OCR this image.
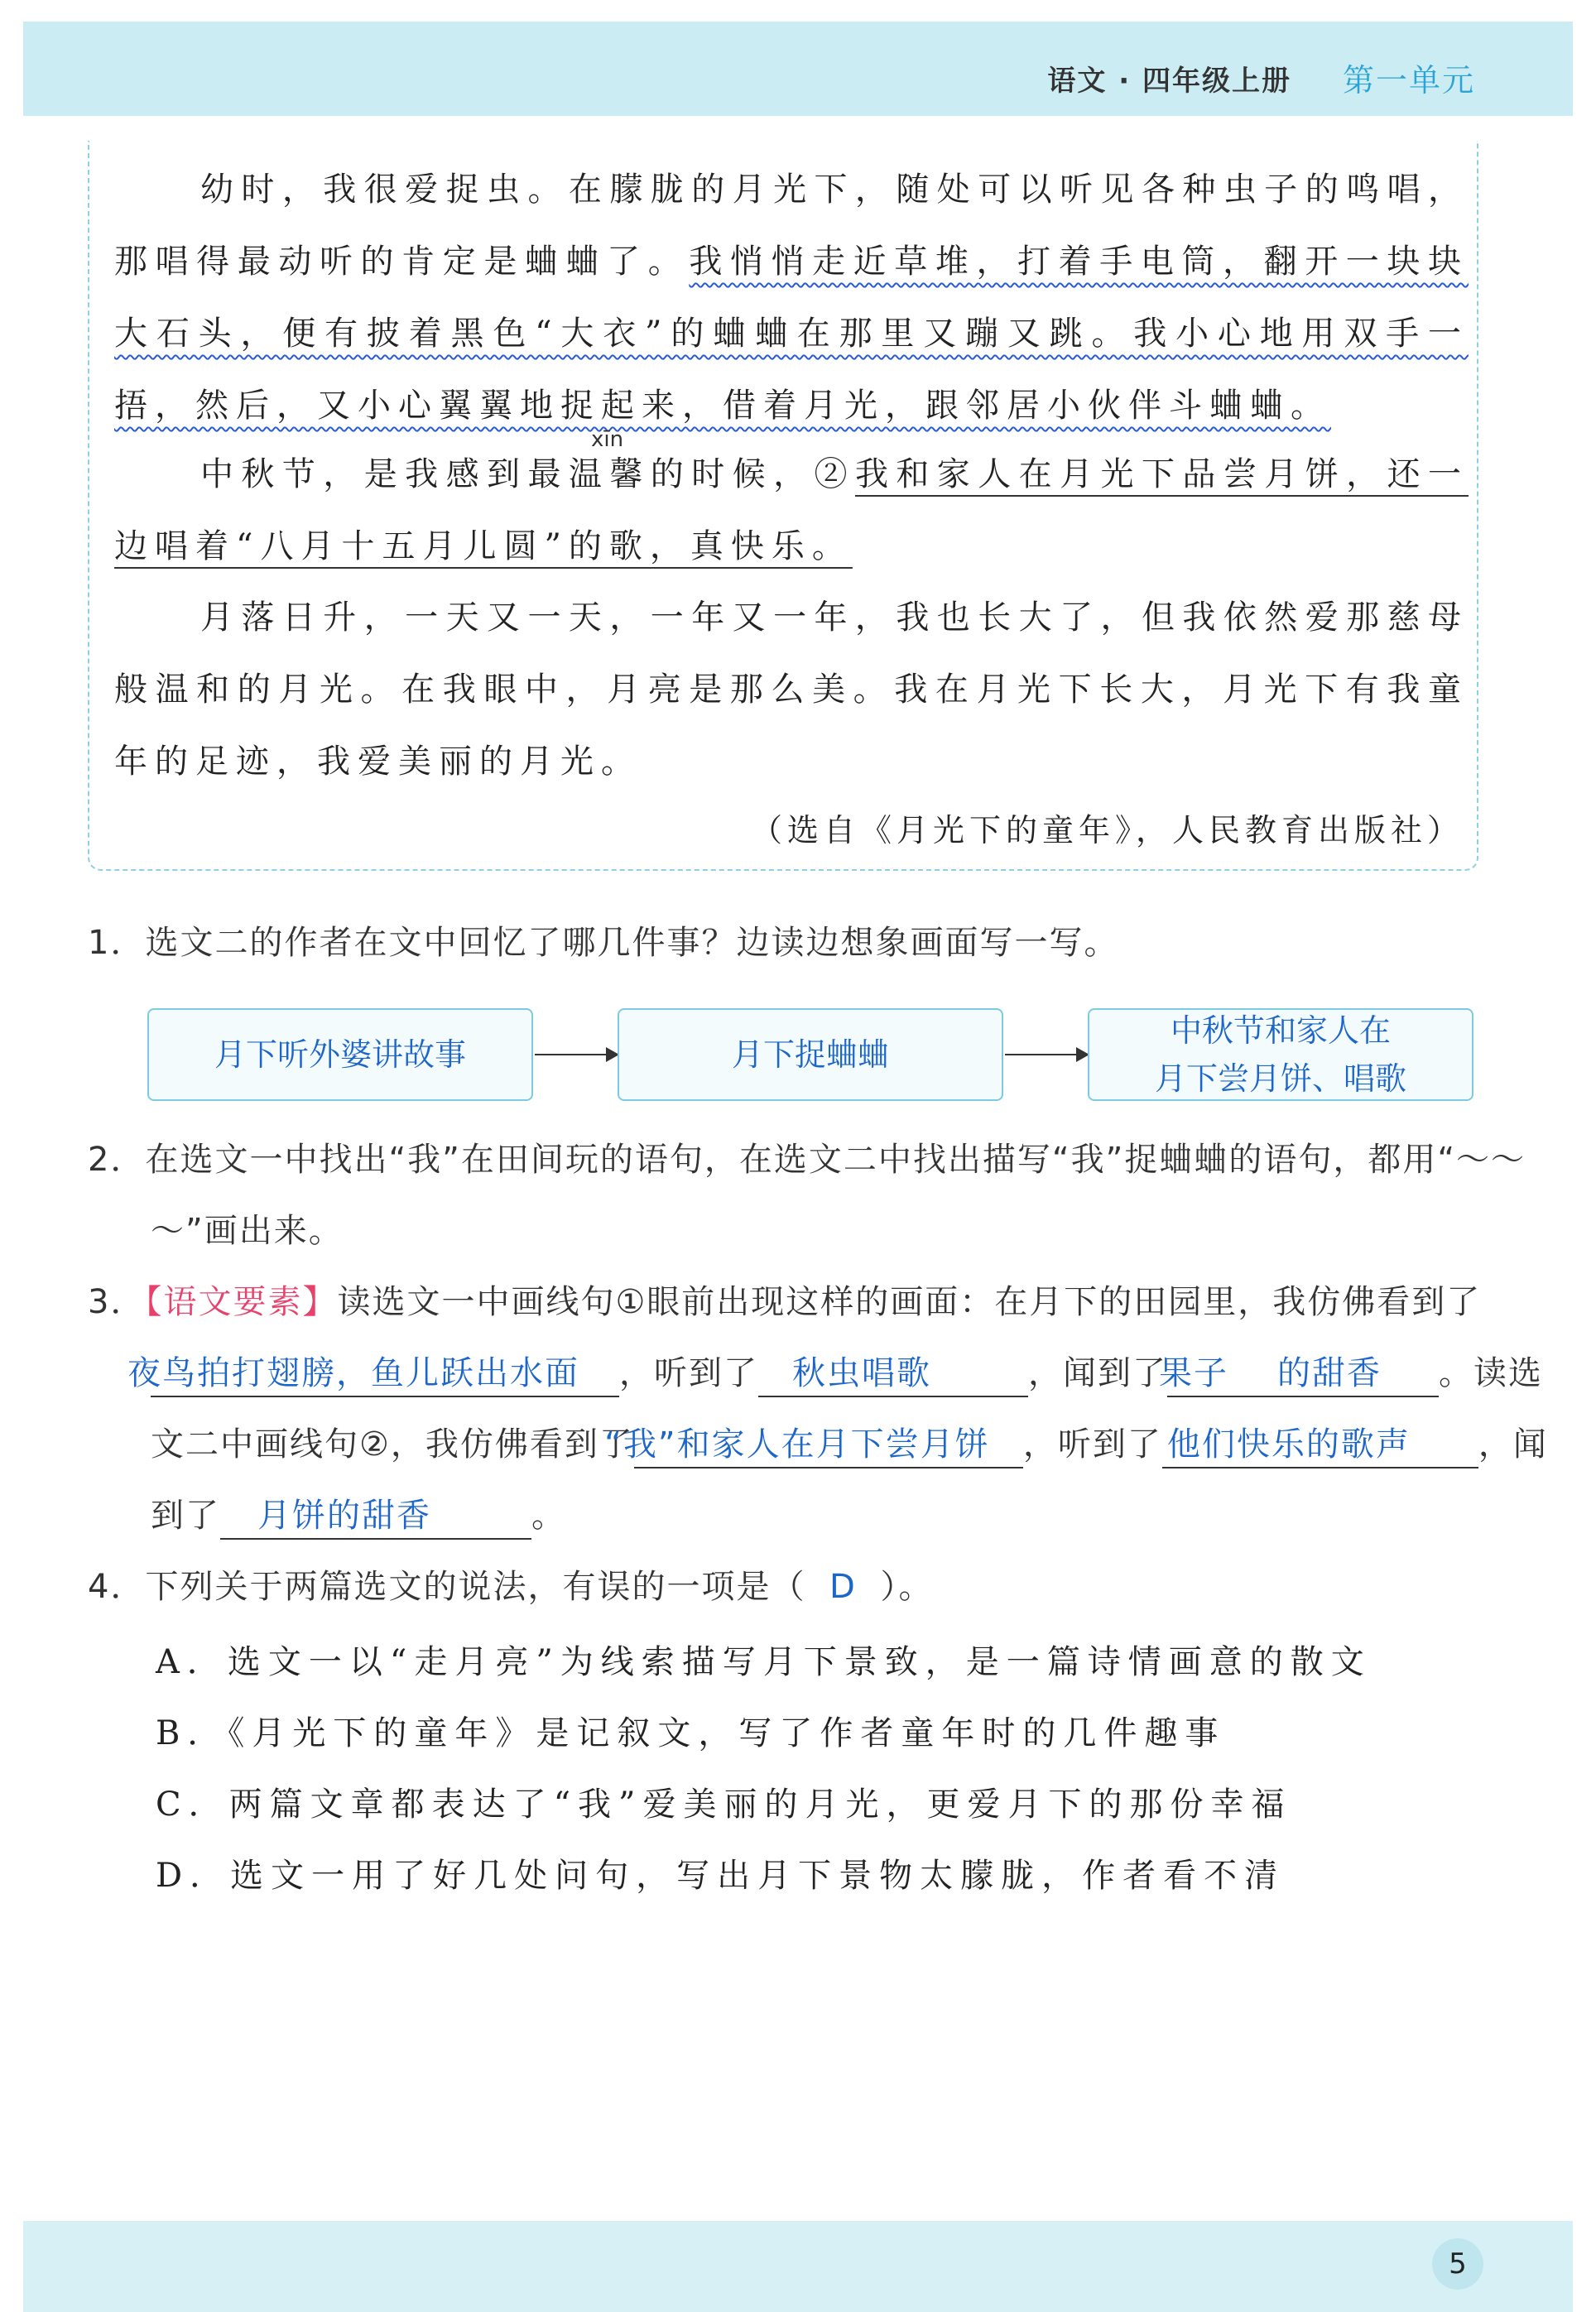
语文 · 四年级上册 第一单元

幼时，我很爱捉虫。在朦胧的月光下，随处可以听见各种虫子的鸣唱，那唱得最动听的肯定是蛐蛐了。我悄悄走近草堆，打着手电筒，翻开一块块大石头，便有披着黑色“大衣”的蛐蛐在那里又蹦又跳。我小心地用双手一捂，然后，又小心翼翼地捉起来，借着月光，跟邻居小伙伴斗蛐蛐。

xīn

中秋节，是我感到最温馨的时候，②我和家人在月光下品尝月饼，还一边唱着“八月十五月儿圆”的歌，真快乐。

月落日升，一天又一天，一年又一年，我也长大了，但我依然爱那慈母般温和的月光。在我眼中，月亮是那么美。我在月光下长大，月光下有我童年的足迹，我爱美丽的月光。

（选自《月光下的童年》，人民教育出版社）
1．选文二的作者在文中回忆了哪几件事？边读边想象画面写一写。
月下听外婆讲故事	月下捉蛐蛐
中秋节和家人在
月下尝月饼、唱歌
2．在选文一中找出“我”在田间玩的语句，在选文二中找出描写“我”捉蛐蛐的语句，都用“～～～”画出来。
3．【语文要素】读选文一中画线句①眼前出现这样的画面：在月下的田园里，我仿佛看到了夜鸟拍打翅膀，鱼儿跃出水面 ，听到了 秋虫唱歌	，闻到了果子 的甜香 。读选文二中画线句②，我仿佛看到了“我”和家人在月下尝月饼 ，听到了 他们快乐的歌声 ，闻到了 月饼的甜香	。
4．下列关于两篇选文的说法，有误的一项是（ D ）。
A．选文一以“走月亮”为线索描写月下景致，是一篇诗情画意的散文
B．《月光下的童年》是记叙文，写了作者童年时的几件趣事
C．两篇文章都表达了“我”爱美丽的月光，更爱月下的那份幸福
D．选文一用了好几处问句，写出月下景物太朦胧，作者看不清
5
